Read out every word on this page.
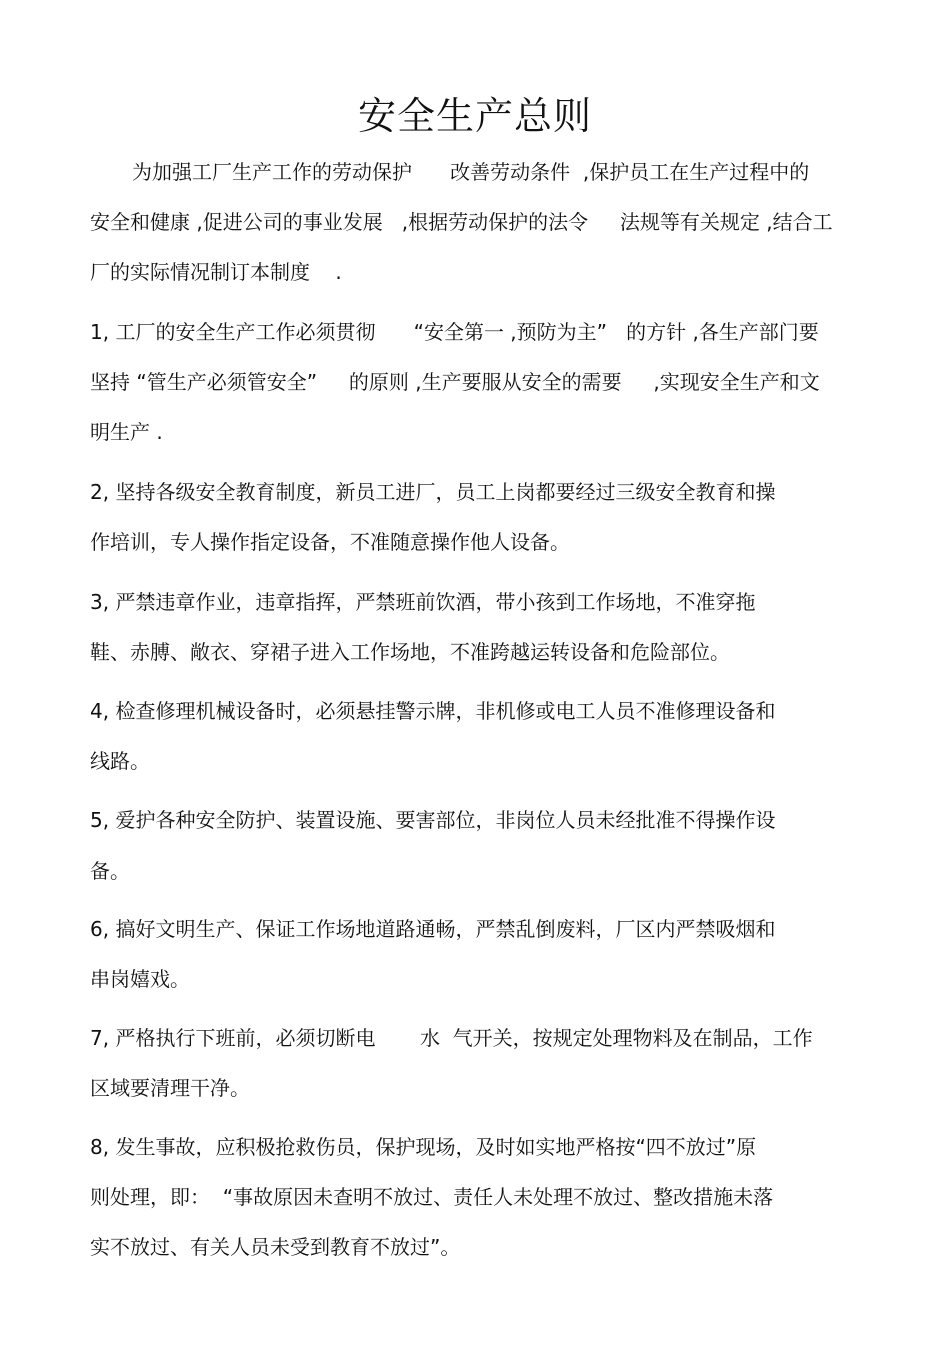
安全生产总则

为加强工厂生产工作的劳动保护      改善劳动条件  ,保护员工在生产过程中的

安全和健康 ,促进公司的事业发展   ,根据劳动保护的法令     法规等有关规定 ,结合工

厂的实际情况制订本制度    .

1, 工厂的安全生产工作必须贯彻      “安全第一 ,预防为主”   的方针 ,各生产部门要

坚持 “管生产必须管安全”     的原则 ,生产要服从安全的需要     ,实现安全生产和文

明生产 .

2, 坚持各级安全教育制度，新员工进厂，员工上岗都要经过三级安全教育和操

作培训，专人操作指定设备，不准随意操作他人设备。

3, 严禁违章作业，违章指挥，严禁班前饮酒，带小孩到工作场地，不准穿拖

鞋、赤膊、敞衣、穿裙子进入工作场地，不准跨越运转设备和危险部位。

4, 检查修理机械设备时，必须悬挂警示牌，非机修或电工人员不准修理设备和

线路。

5, 爱护各种安全防护、装置设施、要害部位，非岗位人员未经批准不得操作设

备。

6, 搞好文明生产、保证工作场地道路通畅，严禁乱倒废料，厂区内严禁吸烟和

串岗嬉戏。

7, 严格执行下班前，必须切断电       水  气开关，按规定处理物料及在制品，工作

区域要清理干净。

8, 发生事故，应积极抢救伤员，保护现场，及时如实地严格按“四不放过”原

则处理，即：  “事故原因未查明不放过、责任人未处理不放过、整改措施未落

实不放过、有关人员未受到教育不放过”。
